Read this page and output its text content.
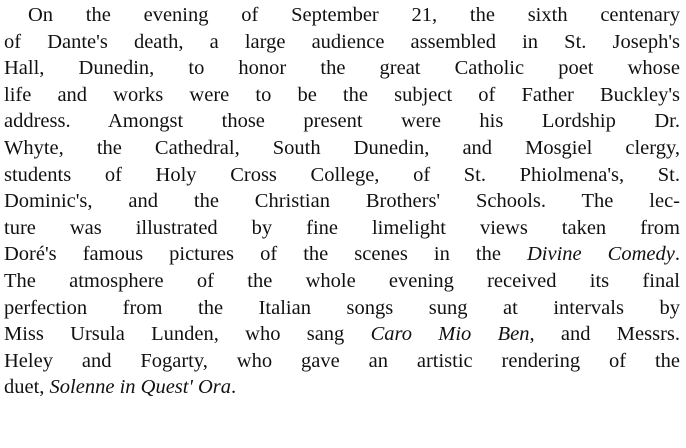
On the evening of September 21, the sixth centenary
of Dante's death, a large audience assembled in St. Joseph's
Hall, Dunedin, to honor the great Catholic poet whose
life and works were to be the subject of Father Buckley's
address. Amongst those present were his Lordship Dr.
Whyte, the Cathedral, South Dunedin, and Mosgiel clergy,
students of Holy Cross College, of St. Phiolmena's, St.
Dominic's, and the Christian Brothers' Schools. The lec-
ture was illustrated by fine limelight views taken from
Doré's famous pictures of the scenes in the Divine Comedy.
The atmosphere of the whole evening received its final
perfection from the Italian songs sung at intervals by
Miss Ursula Lunden, who sang Caro Mio Ben, and Messrs.
Heley and Fogarty, who gave an artistic rendering of the
duet, Solenne in Quest' Ora.
